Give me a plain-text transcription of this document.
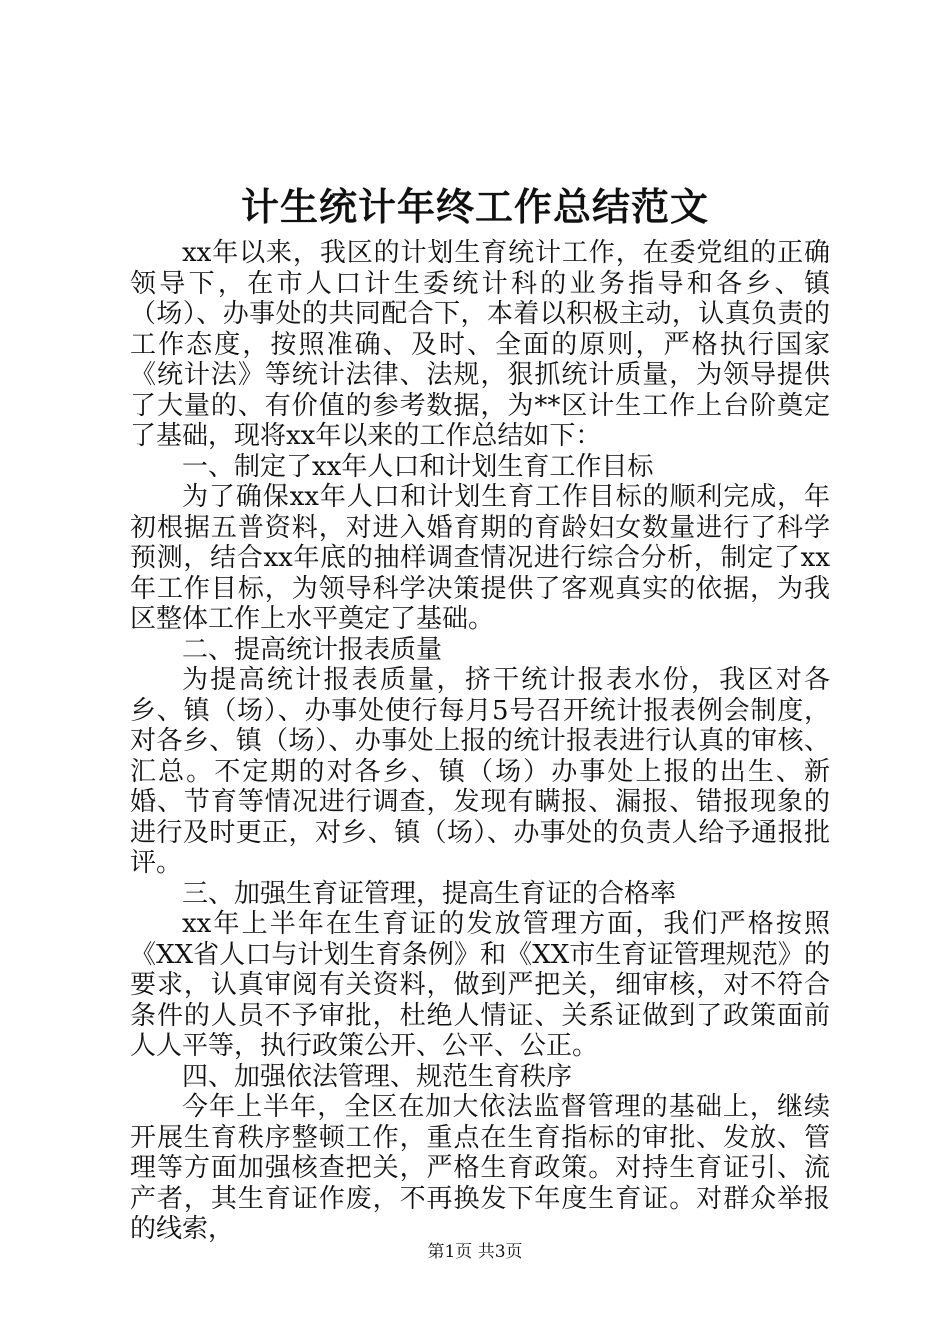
计生统计年终工作总结范文

xx年以来，我区的计划生育统计工作，在委党组的正确领导下，在市人口计生委统计科的业务指导和各乡、镇（场）、办事处的共同配合下，本着以积极主动，认真负责的工作态度，按照准确、及时、全面的原则，严格执行国家《统计法》等统计法律、法规，狠抓统计质量，为领导提供了大量的、有价值的参考数据，为**区计生工作上台阶奠定了基础，现将xx年以来的工作总结如下：

一、制定了xx年人口和计划生育工作目标

为了确保xx年人口和计划生育工作目标的顺利完成，年初根据五普资料，对进入婚育期的育龄妇女数量进行了科学预测，结合xx年底的抽样调查情况进行综合分析，制定了xx年工作目标，为领导科学决策提供了客观真实的依据，为我区整体工作上水平奠定了基础。

二、提高统计报表质量

为提高统计报表质量，挤干统计报表水份，我区对各乡、镇（场）、办事处使行每月5号召开统计报表例会制度，对各乡、镇（场）、办事处上报的统计报表进行认真的审核、汇总。不定期的对各乡、镇（场）办事处上报的出生、新婚、节育等情况进行调查，发现有瞒报、漏报、错报现象的进行及时更正，对乡、镇（场）、办事处的负责人给予通报批评。

三、加强生育证管理，提高生育证的合格率

xx年上半年在生育证的发放管理方面，我们严格按照《XX省人口与计划生育条例》和《XX市生育证管理规范》的要求，认真审阅有关资料，做到严把关，细审核，对不符合条件的人员不予审批，杜绝人情证、关系证做到了政策面前人人平等，执行政策公开、公平、公正。

四、加强依法管理、规范生育秩序

今年上半年，全区在加大依法监督管理的基础上，继续开展生育秩序整顿工作，重点在生育指标的审批、发放、管理等方面加强核查把关，严格生育政策。对持生育证引、流产者，其生育证作废，不再换发下年度生育证。对群众举报的线索，

第1页 共3页
